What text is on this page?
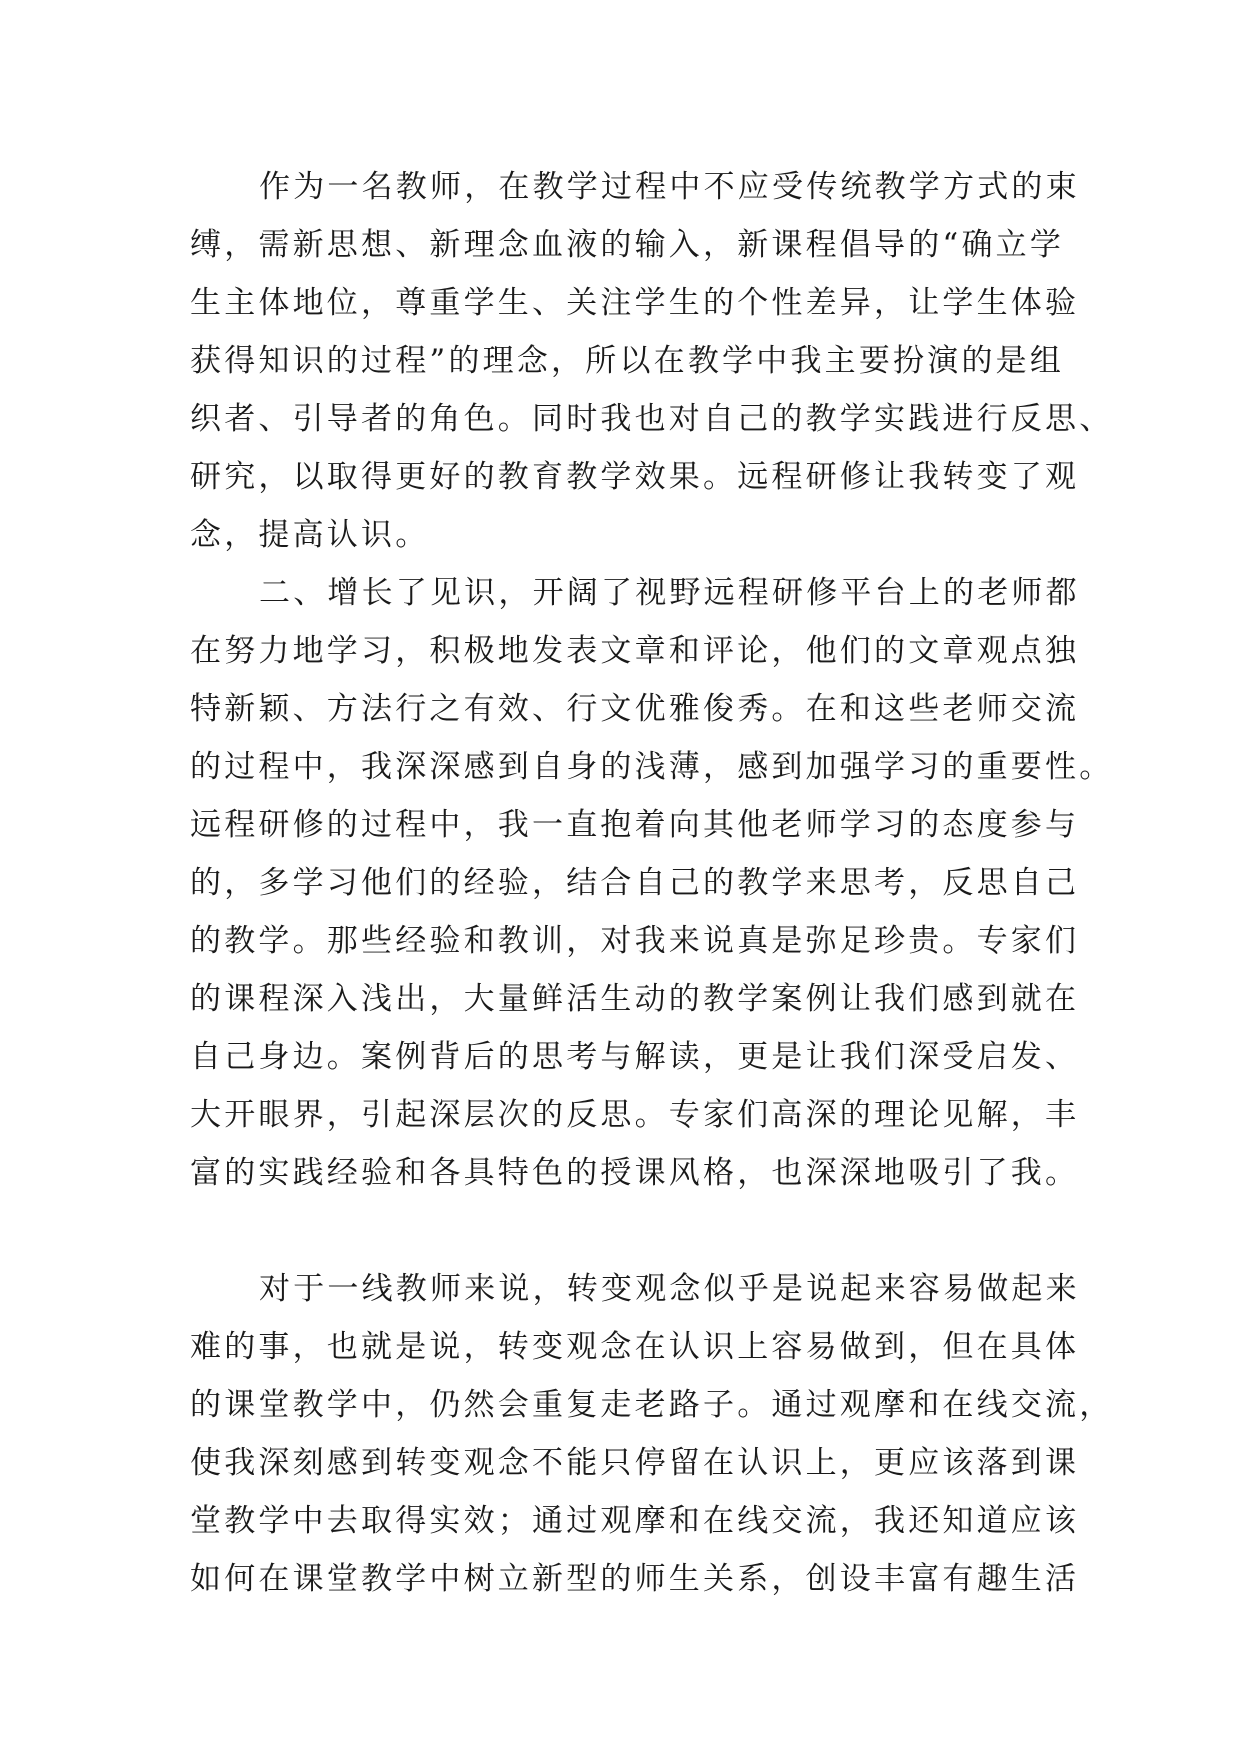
作为一名教师，在教学过程中不应受传统教学方式的束
缚，需新思想、新理念血液的输入，新课程倡导的“确立学
生主体地位，尊重学生、关注学生的个性差异，让学生体验
获得知识的过程”的理念，所以在教学中我主要扮演的是组
织者、引导者的角色。同时我也对自己的教学实践进行反思、
研究，以取得更好的教育教学效果。远程研修让我转变了观
念，提高认识。
二、增长了见识，开阔了视野远程研修平台上的老师都
在努力地学习，积极地发表文章和评论，他们的文章观点独
特新颖、方法行之有效、行文优雅俊秀。在和这些老师交流
的过程中，我深深感到自身的浅薄，感到加强学习的重要性。
远程研修的过程中，我一直抱着向其他老师学习的态度参与
的，多学习他们的经验，结合自己的教学来思考，反思自己
的教学。那些经验和教训，对我来说真是弥足珍贵。专家们
的课程深入浅出，大量鲜活生动的教学案例让我们感到就在
自己身边。案例背后的思考与解读，更是让我们深受启发、
大开眼界，引起深层次的反思。专家们高深的理论见解，丰
富的实践经验和各具特色的授课风格，也深深地吸引了我。
对于一线教师来说，转变观念似乎是说起来容易做起来
难的事，也就是说，转变观念在认识上容易做到，但在具体
的课堂教学中，仍然会重复走老路子。通过观摩和在线交流，
使我深刻感到转变观念不能只停留在认识上，更应该落到课
堂教学中去取得实效；通过观摩和在线交流，我还知道应该
如何在课堂教学中树立新型的师生关系，创设丰富有趣生活
